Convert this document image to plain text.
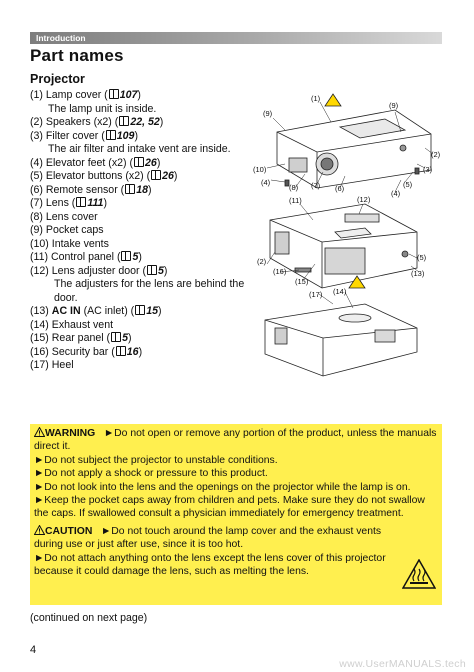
Introduction
Part names
Projector
(1) Lamp cover ( 107)
The lamp unit is inside.
(2) Speakers (x2) ( 22, 52)
(3) Filter cover ( 109)
The air filter and intake vent are inside.
(4) Elevator feet (x2) ( 26)
(5) Elevator buttons (x2) ( 26)
(6) Remote sensor ( 18)
(7) Lens ( 111)
(8) Lens cover
(9) Pocket caps
(10) Intake vents
(11) Control panel ( 5)
(12) Lens adjuster door ( 5)
The adjusters for the lens are behind the door.
(13) AC IN (AC inlet) ( 15)
(14) Exhaust vent
(15) Rear panel ( 5)
(16) Security bar ( 16)
(17) Heel
(1)
(9)
(9)
(2)
(3)
(10)
(4)
(8) (7) (6)	(5)
(4)
(11)	(12)
(2)
(16)
(5)
(13)
(15)
(17) (14)

WARNING ►Do not open or remove any portion of the product, unless the manuals direct it.

►Do not subject the projector to unstable conditions.

►Do not apply a shock or pressure to this product.

►Do not look into the lens and the openings on the projector while the lamp is on.

►Keep the pocket caps away from children and pets. Make sure they do not swallow the caps. If swallowed consult a physician immediately for emergency treatment.

CAUTION ►Do not touch around the lamp cover and the exhaust vents during use or just after use, since it is too hot.

►Do not attach anything onto the lens except the lens cover of this projector because it could damage the lens, such as melting the lens.

(continued on next page)
4
www.UserMANUALS.tech
